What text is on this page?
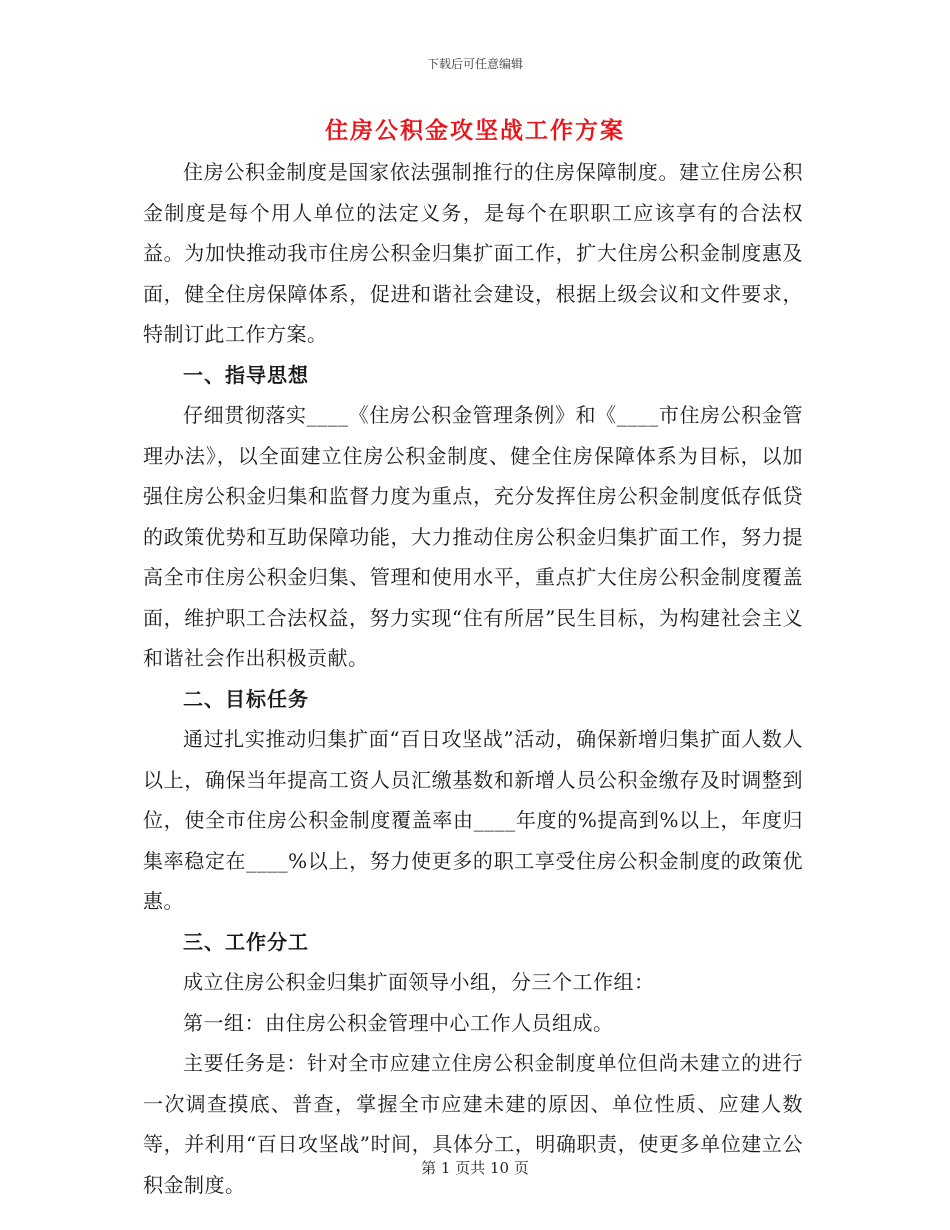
下载后可任意编辑
住房公积金攻坚战工作方案

住房公积金制度是国家依法强制推行的住房保障制度。建立住房公积金制度是每个用人单位的法定义务，是每个在职职工应该享有的合法权益。为加快推动我市住房公积金归集扩面工作，扩大住房公积金制度惠及面，健全住房保障体系，促进和谐社会建设，根据上级会议和文件要求，特制订此工作方案。

一、指导思想

仔细贯彻落实____《住房公积金管理条例》和《____市住房公积金管理办法》，以全面建立住房公积金制度、健全住房保障体系为目标，以加强住房公积金归集和监督力度为重点，充分发挥住房公积金制度低存低贷的政策优势和互助保障功能，大力推动住房公积金归集扩面工作，努力提高全市住房公积金归集、管理和使用水平，重点扩大住房公积金制度覆盖面，维护职工合法权益，努力实现“住有所居”民生目标，为构建社会主义和谐社会作出积极贡献。

二、目标任务

通过扎实推动归集扩面“百日攻坚战”活动，确保新增归集扩面人数人以上，确保当年提高工资人员汇缴基数和新增人员公积金缴存及时调整到位，使全市住房公积金制度覆盖率由____年度的%提高到%以上，年度归集率稳定在____%以上，努力使更多的职工享受住房公积金制度的政策优惠。

三、工作分工

成立住房公积金归集扩面领导小组，分三个工作组：

第一组：由住房公积金管理中心工作人员组成。

主要任务是：针对全市应建立住房公积金制度单位但尚未建立的进行一次调查摸底、普查，掌握全市应建未建的原因、单位性质、应建人数等，并利用“百日攻坚战”时间，具体分工，明确职责，使更多单位建立公积金制度。

第 1 页共 10 页
